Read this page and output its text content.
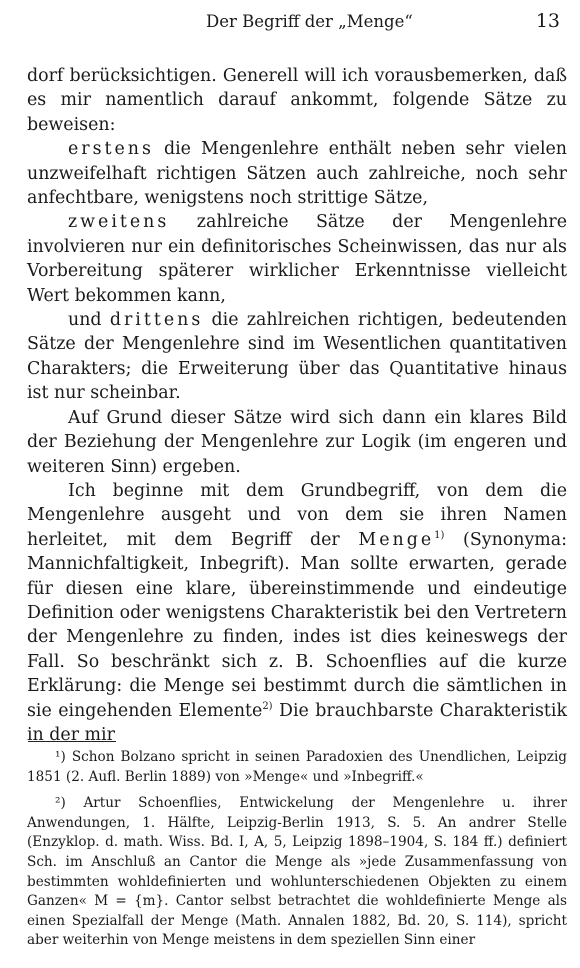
Der Begriff der „Menge“	13

dorf berücksichtigen. Generell will ich vorausbemerken, daß es mir namentlich darauf ankommt, folgende Sätze zu beweisen:

erstens die Mengenlehre enthält neben sehr vielen unzweifelhaft richtigen Sätzen auch zahlreiche, noch sehr anfechtbare, wenigstens noch strittige Sätze,

zweitens zahlreiche Sätze der Mengenlehre involvieren nur ein definitorisches Scheinwissen, das nur als Vorbereitung späterer wirklicher Erkenntnisse vielleicht Wert bekommen kann,

und drittens die zahlreichen richtigen, bedeutenden Sätze der Mengenlehre sind im Wesentlichen quantitativen Charakters; die Erweiterung über das Quantitative hinaus ist nur scheinbar.

Auf Grund dieser Sätze wird sich dann ein klares Bild der Beziehung der Mengenlehre zur Logik (im engeren und weiteren Sinn) ergeben.

Ich beginne mit dem Grundbegriff, von dem die Mengenlehre ausgeht und von dem sie ihren Namen herleitet, mit dem Begriff der Menge$^{1)}$ (Synonyma: Mannichfaltigkeit, Inbegrift). Man sollte erwarten, gerade für diesen eine klare, übereinstimmende und eindeutige Definition oder wenigstens Charakteristik bei den Vertretern der Mengenlehre zu finden, indes ist dies keineswegs der Fall. So beschränkt sich z. B. Schoenflies auf die kurze Erklärung: die Menge sei bestimmt durch die sämtlichen in sie eingehenden Elemente$^{2)}$ Die brauchbarste Charakteristik in der mir

¹) Schon Bolzano spricht in seinen Paradoxien des Unendlichen, Leipzig 1851 (2. Aufl. Berlin 1889) von »Menge« und »Inbegriff.«

²) Artur Schoenflies, Entwickelung der Mengenlehre u. ihrer Anwendungen, 1. Hälfte, Leipzig-Berlin 1913, S. 5. An andrer Stelle (Enzyklop. d. math. Wiss. Bd. I, A, 5, Leipzig 1898–1904, S. 184 ff.) definiert Sch. im Anschluß an Cantor die Menge als »jede Zusammenfassung von bestimmten wohldefinierten und wohlunterschiedenen Objekten zu einem Ganzen« M = {m}. Cantor selbst betrachtet die wohldefinierte Menge als einen Spezialfall der Menge (Math. Annalen 1882, Bd. 20, S. 114), spricht aber weiterhin von Menge meistens in dem speziellen Sinn einer
